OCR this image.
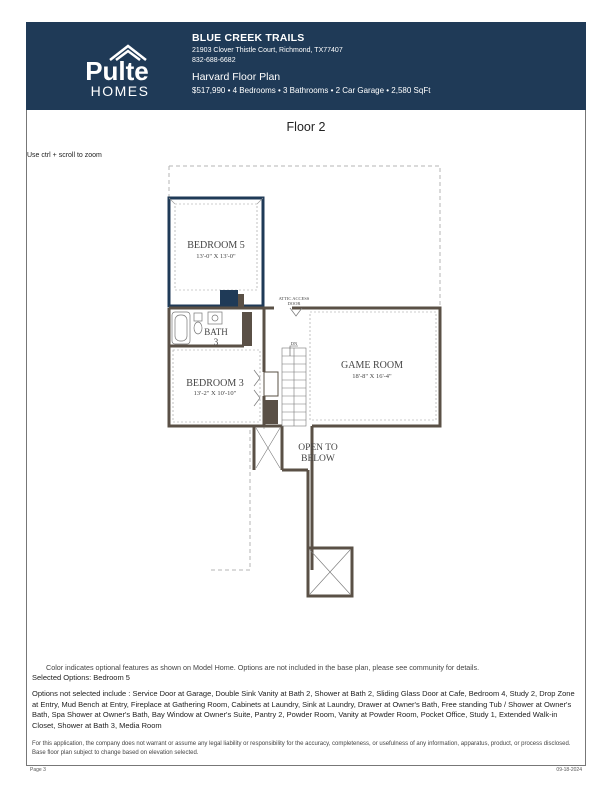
Pulte
HOMES
BLUE CREEK TRAILS
21903 Clover Thistle Court, Richmond, TX77407
832-688-6682
Harvard Floor Plan
$517,990 • 4 Bedrooms • 3 Bathrooms • 2 Car Garage • 2,580 SqFt
Floor 2
Use ctrl + scroll to zoom
BEDROOM 5
13'-0" X 13'-0"
BATH
3
BEDROOM 3
13'-2" X 10'-10"
ATTIC ACCESS
DOOR
GAME ROOM
18'-8" X 16'-4"
DN
OPEN TO
BELOW
Color indicates optional features as shown on Model Home. Options are not included in the base plan, please see community for details.
Selected Options: Bedroom 5
Options not selected include : Service Door at Garage, Double Sink Vanity at Bath 2, Shower at Bath 2, Sliding Glass Door at Cafe, Bedroom 4, Study 2, Drop Zone at Entry, Mud Bench at Entry, Fireplace at Gathering Room, Cabinets at Laundry, Sink at Laundry, Drawer at Owner's Bath, Free standing Tub / Shower at Owner's Bath, Spa Shower at Owner's Bath, Bay Window at Owner's Suite, Pantry 2, Powder Room, Vanity at Powder Room, Pocket Office, Study 1, Extended Walk-in Closet, Shower at Bath 3, Media Room
For this application, the company does not warrant or assume any legal liability or responsibility for the accuracy, completeness, or usefulness of any information, apparatus, product, or process disclosed. Base floor plan subject to change based on elevation selected.
Page 3	09-18-2024
